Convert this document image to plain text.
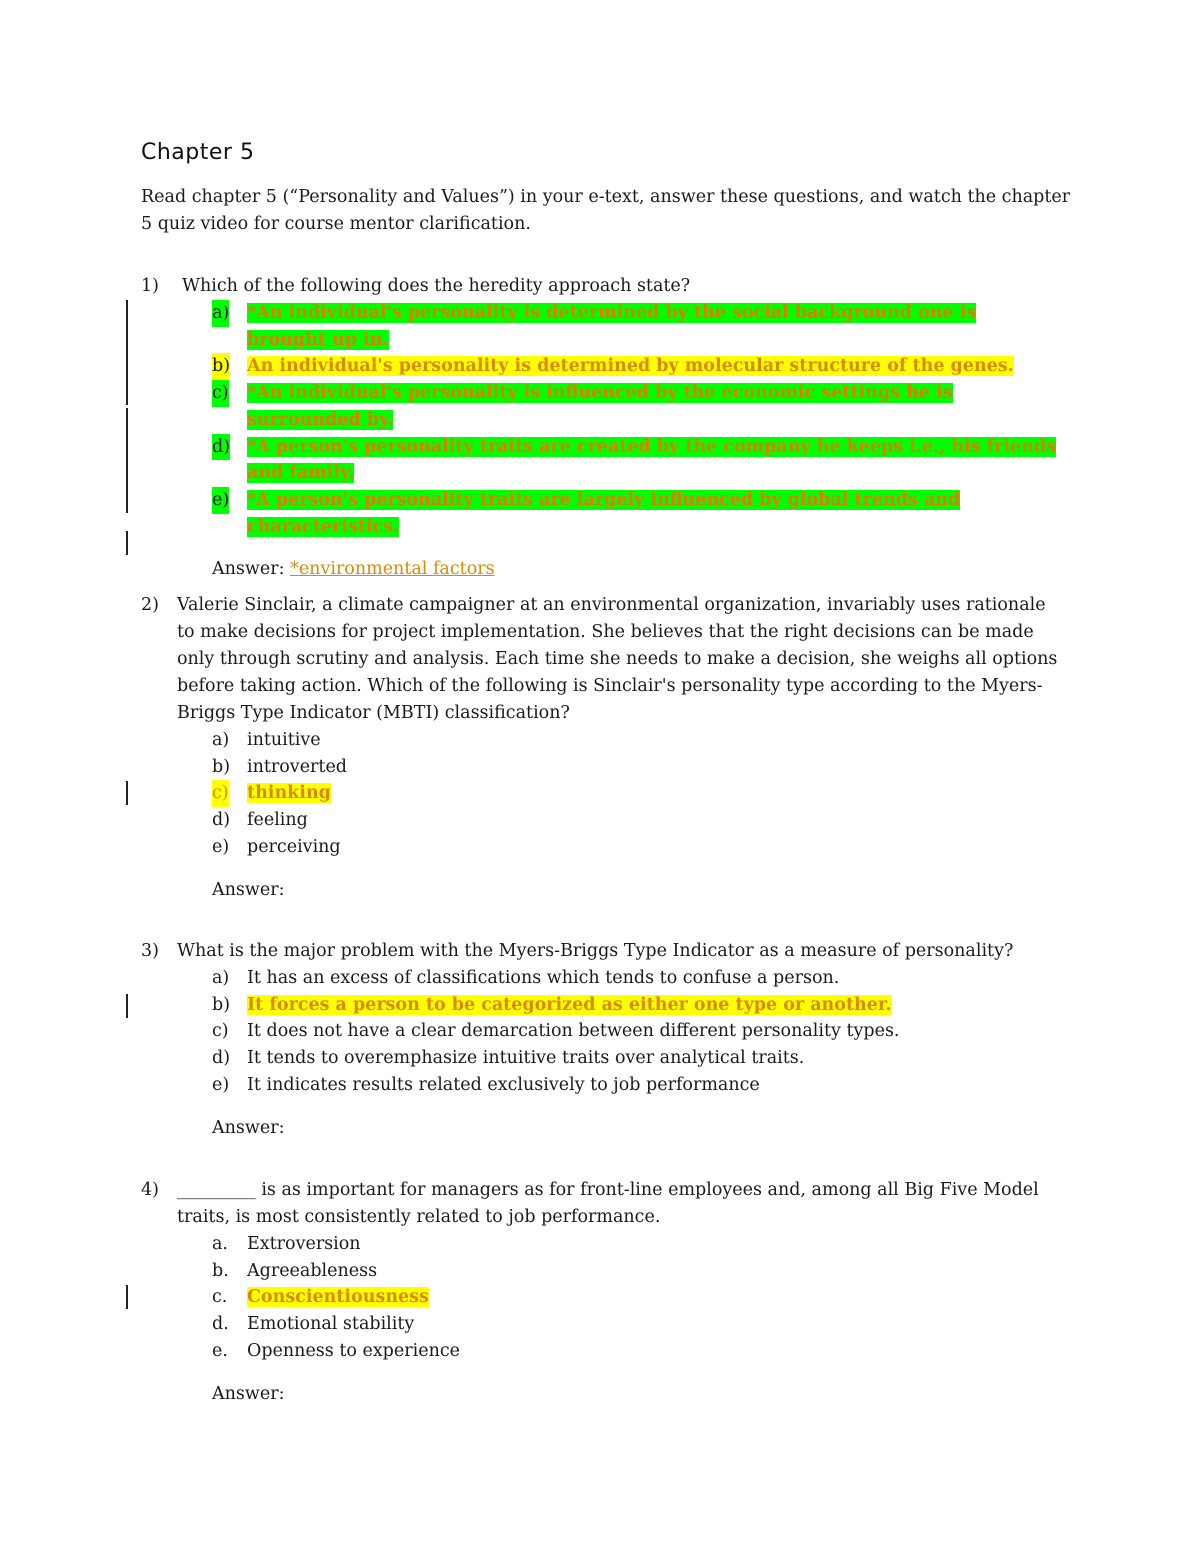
Chapter 5
Read chapter 5 (“Personality and Values”) in your e-text, answer these questions, and watch the chapter 5 quiz video for course mentor clarification.
1) Which of the following does the heredity approach state?
a) *An individual's personality is determined by the social background one is brought up in.
b) An individual's personality is determined by molecular structure of the genes.
c) *An individual's personality is influenced by the economic settings he is surrounded by.
d) *A person's personality traits are created by the company he keeps i.e., his friends and family.
e) *A person's personality traits are largely influenced by global trends and characteristics.
Answer: *environmental factors
2) Valerie Sinclair, a climate campaigner at an environmental organization, invariably uses rationale to make decisions for project implementation. She believes that the right decisions can be made only through scrutiny and analysis. Each time she needs to make a decision, she weighs all options before taking action. Which of the following is Sinclair's personality type according to the Myers-Briggs Type Indicator (MBTI) classification?
a) intuitive
b) introverted
c) thinking
d) feeling
e) perceiving
Answer:
3) What is the major problem with the Myers-Briggs Type Indicator as a measure of personality?
a) It has an excess of classifications which tends to confuse a person.
b) It forces a person to be categorized as either one type or another.
c) It does not have a clear demarcation between different personality types.
d) It tends to overemphasize intuitive traits over analytical traits.
e) It indicates results related exclusively to job performance
Answer:
4) _________ is as important for managers as for front-line employees and, among all Big Five Model traits, is most consistently related to job performance.
a. Extroversion
b. Agreeableness
c. Conscientiousness
d. Emotional stability
e. Openness to experience
Answer:
